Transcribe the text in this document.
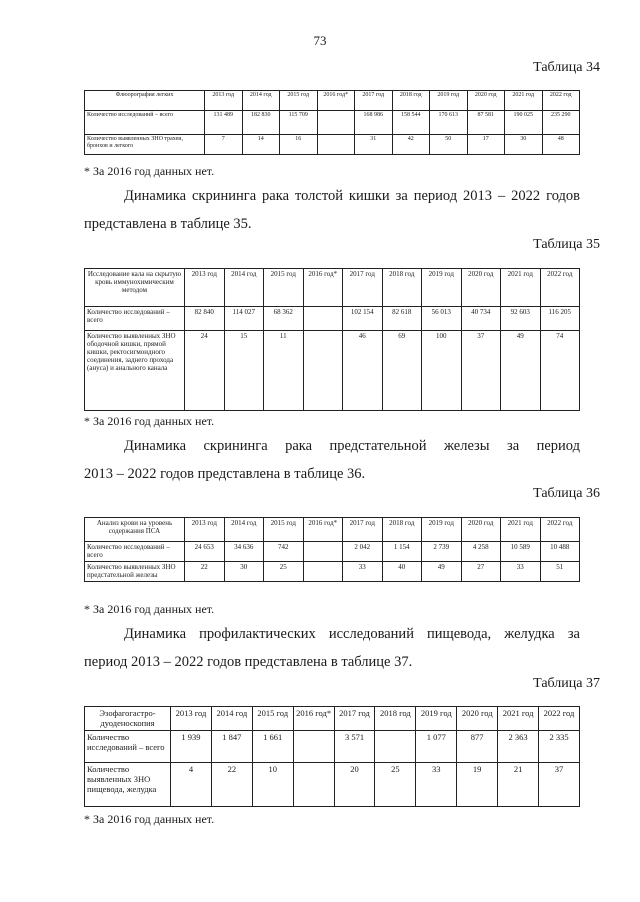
73
Таблица 34
Флюорография легких	2013 год	2014 год	2015 год	2016 год*	2017 год	2018 год	2019 год	2020 год	2021 год	2022 год
Количество исследований – всего	131 489	182 830	115 709		168 986	158 544	170 613	87 581	190 025	235 290
Количество выявленных ЗНО трахеи, бронхов и легкого	7	14	16		31	42	50	17	30	48
* За 2016 год данных нет.
Динамика скрининга рака толстой кишки за период 2013 – 2022 годов
представлена в таблице 35.
Таблица 35
Исследование кала на скрытую кровь иммунохимическим методом	2013 год	2014 год	2015 год	2016 год*	2017 год	2018 год	2019 год	2020 год	2021 год	2022 год
Количество исследований – всего	82 840	114 027	68 362		102 154	82 618	56 013	40 734	92 603	116 205
Количество выявленных ЗНО ободочной кишки, прямой кишки, ректосигмоидного соединения, заднего прохода (ануса) и анального канала	24	15	11		46	69	100	37	49	74
* За 2016 год данных нет.
Динамика скрининга рака предстательной железы за период
2013 – 2022 годов представлена в таблице 36.
Таблица 36
Анализ крови на уровень содержания ПСА	2013 год	2014 год	2015 год	2016 год*	2017 год	2018 год	2019 год	2020 год	2021 год	2022 год
Количество исследований – всего	24 653	34 636	742		2 042	1 154	2 739	4 258	10 589	10 488
Количество выявленных ЗНО предстательной железы	22	30	25		33	40	49	27	33	51
* За 2016 год данных нет.
Динамика профилактических исследований пищевода, желудка за
период 2013 – 2022 годов представлена в таблице 37.
Таблица 37
Эзофагогастро-дуоденоскопия	2013 год	2014 год	2015 год	2016 год*	2017 год	2018 год	2019 год	2020 год	2021 год	2022 год
Количество исследований – всего	1 939	1 847	1 661		3 571		1 077	877	2 363	2 335
Количество выявленных ЗНО пищевода, желудка	4	22	10		20	25	33	19	21	37
* За 2016 год данных нет.
